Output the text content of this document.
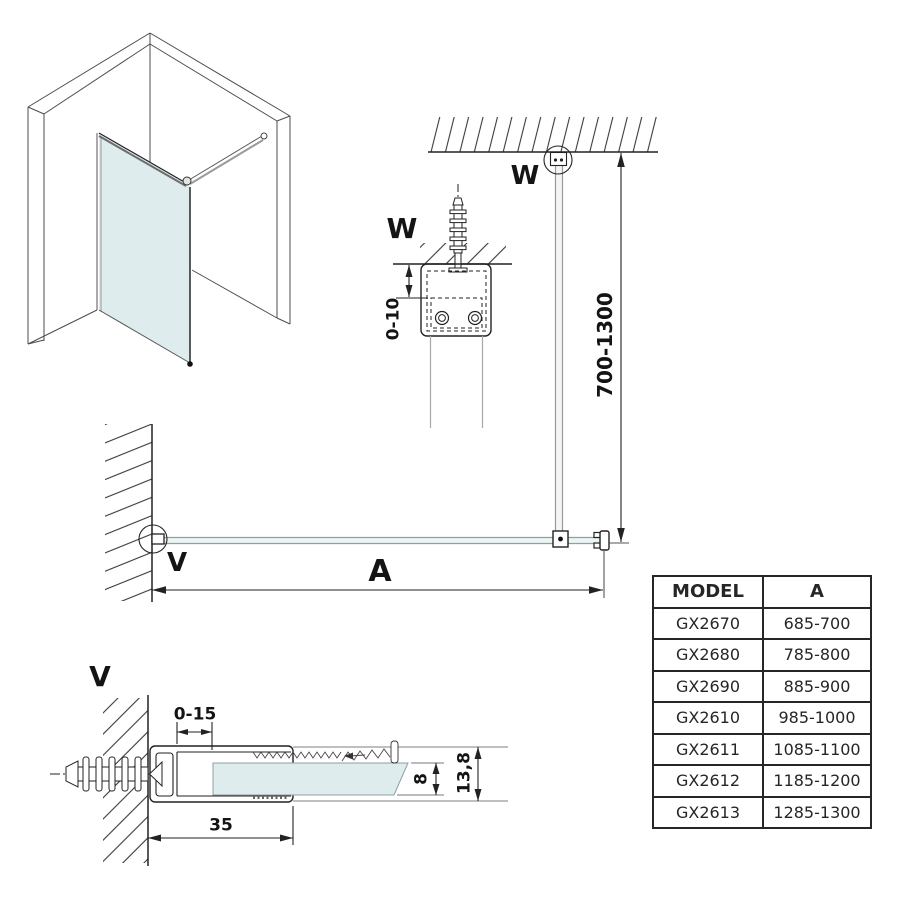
W
W
V
V
A
700-1300
0-10
0-15
35
8 13,8
MODEL	A
GX2670	685-700
GX2680	785-800
GX2690	885-900
GX2610	985-1000
GX2611	1085-1100
GX2612	1185-1200
GX2613	1285-1300
